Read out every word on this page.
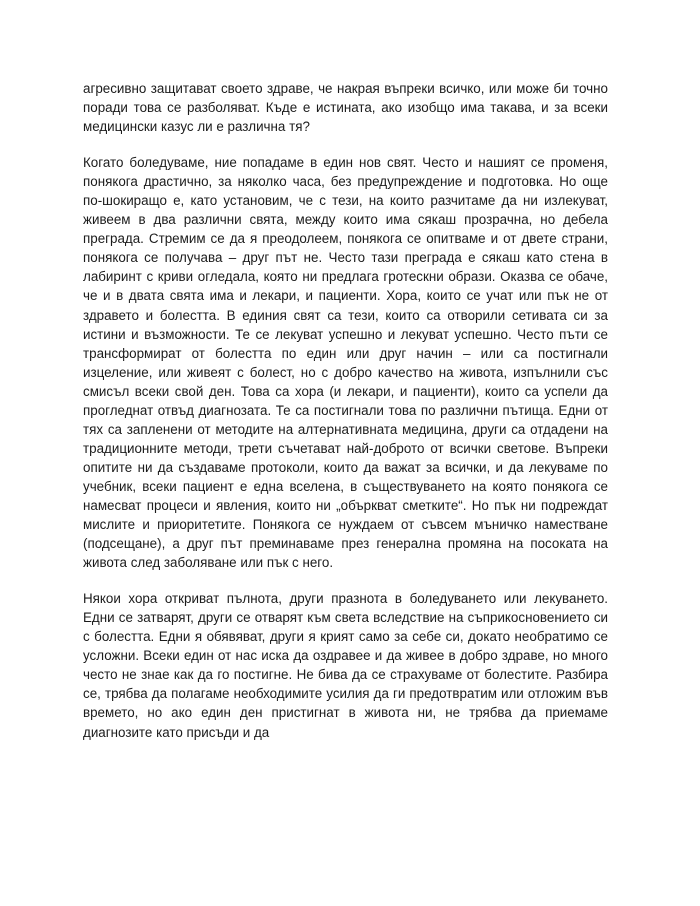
агресивно защитават своето здраве, че накрая въпреки всичко, или може би точно поради това се разболяват. Къде е истината, ако изобщо има такава, и за всеки медицински казус ли е различна тя?

Когато боледуваме, ние попадаме в един нов свят. Често и нашият се променя, понякога драстично, за няколко часа, без предупреждение и подготовка. Но още по-шокиращо е, като установим, че с тези, на които разчитаме да ни излекуват, живеем в два различни свята, между които има сякаш прозрачна, но дебела преграда. Стремим се да я преодолеем, понякога се опитваме и от двете страни, понякога се получава – друг път не. Често тази преграда е сякаш като стена в лабиринт с криви огледала, която ни предлага гротескни образи. Оказва се обаче, че и в двата свята има и лекари, и пациенти. Хора, които се учат или пък не от здравето и болестта. В единия свят са тези, които са отворили сетивата си за истини и възможности. Те се лекуват успешно и лекуват успешно. Често пъти се трансформират от болестта по един или друг начин – или са постигнали изцеление, или живеят с болест, но с добро качество на живота, изпълнили със смисъл всеки свой ден. Това са хора (и лекари, и пациенти), които са успели да прогледнат отвъд диагнозата. Те са постигнали това по различни пътища. Едни от тях са запленени от методите на алтернативната медицина, други са отдадени на традиционните методи, трети съчетават най-доброто от всички светове. Въпреки опитите ни да създаваме протоколи, които да важат за всички, и да лекуваме по учебник, всеки пациент е една вселена, в съществуването на която понякога се намесват процеси и явления, които ни „объркват сметките“. Но пък ни подреждат мислите и приоритетите. Понякога се нуждаем от съвсем мъничко наместване (подсещане), а друг път преминаваме през генерална промяна на посоката на живота след заболяване или пък с него.

Някои хора откриват пълнота, други празнота в боледуването или лекуването. Едни се затварят, други се отварят към света вследствие на съприкосновението си с болестта. Едни я обявяват, други я крият само за себе си, докато необратимо се усложни. Всеки един от нас иска да оздравее и да живее в добро здраве, но много често не знае как да го постигне. Не бива да се страхуваме от болестите. Разбира се, трябва да полагаме необходимите усилия да ги предотвратим или отложим във времето, но ако един ден пристигнат в живота ни, не трябва да приемаме диагнозите като присъди и да
